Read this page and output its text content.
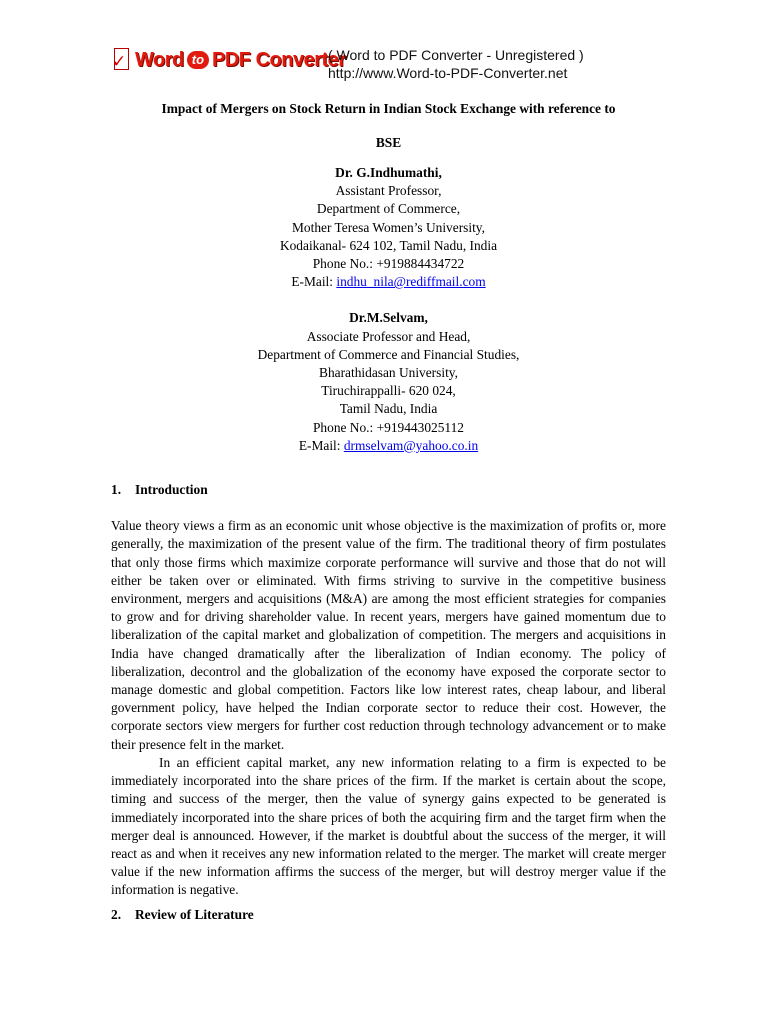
✓ Word to PDF Converter
( Word to PDF Converter - Unregistered )
http://www.Word-to-PDF-Converter.net
Impact of Mergers on Stock Return in Indian Stock Exchange with reference to
BSE
Dr. G.Indhumathi,
Assistant Professor,
Department of Commerce,
Mother Teresa Women’s University,
Kodaikanal- 624 102, Tamil Nadu, India
Phone No.: +919884434722
E-Mail: indhu_nila@rediffmail.com
Dr.M.Selvam,
Associate Professor and Head,
Department of Commerce and Financial Studies,
Bharathidasan University,
Tiruchirappalli- 620 024,
Tamil Nadu, India
Phone No.: +919443025112
E-Mail: drmselvam@yahoo.co.in
1. Introduction

Value theory views a firm as an economic unit whose objective is the maximization of profits or, more generally, the maximization of the present value of the firm. The traditional theory of firm postulates that only those firms which maximize corporate performance will survive and those that do not will either be taken over or eliminated. With firms striving to survive in the competitive business environment, mergers and acquisitions (M&A) are among the most efficient strategies for companies to grow and for driving shareholder value. In recent years, mergers have gained momentum due to liberalization of the capital market and globalization of competition. The mergers and acquisitions in India have changed dramatically after the liberalization of Indian economy. The policy of liberalization, decontrol and the globalization of the economy have exposed the corporate sector to manage domestic and global competition. Factors like low interest rates, cheap labour, and liberal government policy, have helped the Indian corporate sector to reduce their cost. However, the corporate sectors view mergers for further cost reduction through technology advancement or to make their presence felt in the market.

In an efficient capital market, any new information relating to a firm is expected to be immediately incorporated into the share prices of the firm. If the market is certain about the scope, timing and success of the merger, then the value of synergy gains expected to be generated is immediately incorporated into the share prices of both the acquiring firm and the target firm when the merger deal is announced. However, if the market is doubtful about the success of the merger, it will react as and when it receives any new information related to the merger. The market will create merger value if the new information affirms the success of the merger, but will destroy merger value if the information is negative.

2. Review of Literature
